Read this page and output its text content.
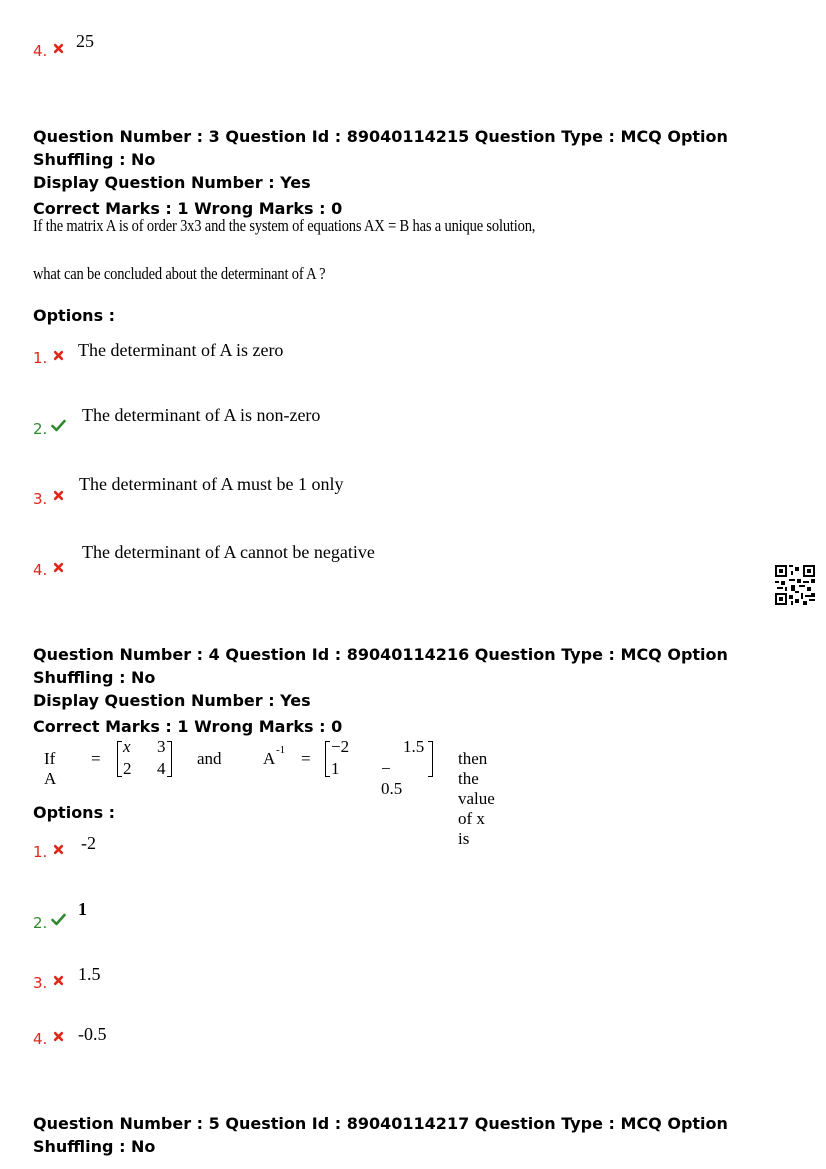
4. 25
Question Number : 3 Question Id : 89040114215 Question Type : MCQ Option Shuffling : No
Display Question Number : Yes
Correct Marks : 1 Wrong Marks : 0
If the matrix A is of order 3x3 and the system of equations AX = B has a unique solution,
what can be concluded about the determinant of A ?
Options :
1. The determinant of A is zero
2.
The determinant of A is non-zero
3.
The determinant of A must be 1 only
4.
The determinant of A cannot be negative
Question Number : 4 Question Id : 89040114216 Question Type : MCQ Option Shuffling : No
Display Question Number : Yes
Correct Marks : 1 Wrong Marks : 0
If A
=
x 3
2 4
and A -1 =
−2	1.5
1 − 0.5
then the value of x is
Options :
1. -2
2.
1
3. 1.5
4. -0.5
Question Number : 5 Question Id : 89040114217 Question Type : MCQ Option Shuffling : No
